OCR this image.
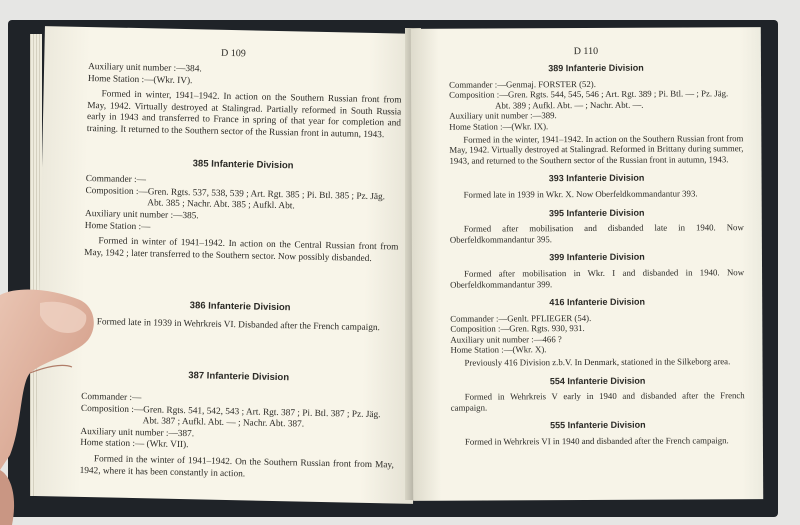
D 109
Auxiliary unit number :—384.
Home Station :—(Wkr. IV).

Formed in winter, 1941–1942. In action on the Southern Russian front from May, 1942. Virtually destroyed at Stalingrad. Partially reformed in South Russia early in 1943 and transferred to France in spring of that year for completion and training. It returned to the Southern sector of the Russian front in autumn, 1943.

385 Infanterie Division
Commander :—
Composition :—Gren. Rgts. 537, 538, 539 ; Art. Rgt. 385 ; Pi. Btl. 385 ; Pz. Jäg. Abt. 385 ; Nachr. Abt. 385 ; Aufkl. Abt.
Auxiliary unit number :—385.
Home Station :—

Formed in winter of 1941–1942. In action on the Central Russian front from May, 1942 ; later transferred to the Southern sector. Now possibly disbanded.

386 Infanterie Division

Formed late in 1939 in Wehrkreis VI. Disbanded after the French campaign.

387 Infanterie Division
Commander :—
Composition :—Gren. Rgts. 541, 542, 543 ; Art. Rgt. 387 ; Pi. Btl. 387 ; Pz. Jäg. Abt. 387 ; Aufkl. Abt. — ; Nachr. Abt. 387.
Auxiliary unit number :—387.
Home station :— (Wkr. VII).

Formed in the winter of 1941–1942. On the Southern Russian front from May, 1942, where it has been constantly in action.

D 110
389 Infanterie Division
Commander :—Genmaj. FORSTER (52).
Composition :—Gren. Rgts. 544, 545, 546 ; Art. Rgt. 389 ; Pi. Btl. — ; Pz. Jäg. Abt. 389 ; Aufkl. Abt. — ; Nachr. Abt. —.
Auxiliary unit number :—389.
Home Station :—(Wkr. IX).

Formed in the winter, 1941–1942. In action on the Southern Russian front from May, 1942. Virtually destroyed at Stalingrad. Reformed in Brittany during summer, 1943, and returned to the Southern sector of the Russian front in autumn, 1943.

393 Infanterie Division

Formed late in 1939 in Wkr. X. Now Oberfeldkommandantur 393.

395 Infanterie Division

Formed after mobilisation and disbanded late in 1940. Now Oberfeldkommandantur 395.

399 Infanterie Division

Formed after mobilisation in Wkr. I and disbanded in 1940. Now Oberfeldkommandantur 399.

416 Infanterie Division
Commander :—Genlt. PFLIEGER (54).
Composition :—Gren. Rgts. 930, 931.
Auxiliary unit number :—466 ?
Home Station :—(Wkr. X).

Previously 416 Division z.b.V. In Denmark, stationed in the Silkeborg area.

554 Infanterie Division

Formed in Wehrkreis V early in 1940 and disbanded after the French campaign.

555 Infanterie Division

Formed in Wehrkreis VI in 1940 and disbanded after the French campaign.
